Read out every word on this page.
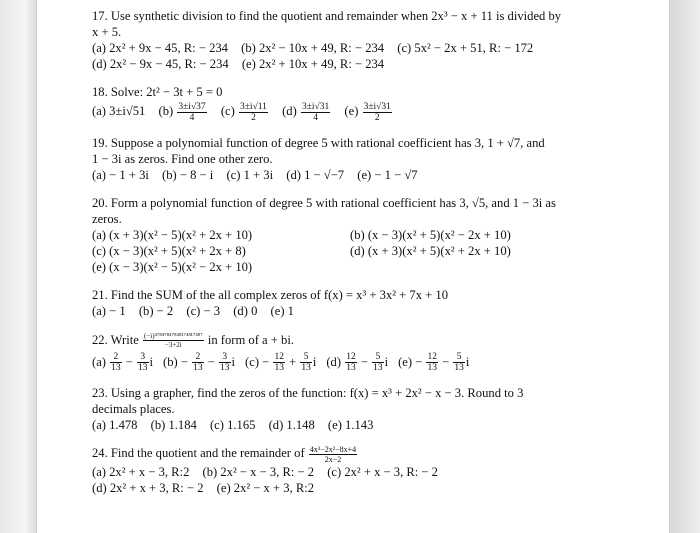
17. Use synthetic division to find the quotient and remainder when 2x³ − x + 11 is divided by
x + 5.
(a) 2x² + 9x − 45, R: − 234 (b) 2x² − 10x + 49, R: − 234 (c) 5x² − 2x + 51, R: − 172
(d) 2x² − 9x − 45, R: − 234 (e) 2x² + 10x + 49, R: − 234
18. Solve: 2t² − 3t + 5 = 0
(a) 3±i√51 $(b) \frac{3\pm i√37}{4} (c) \frac{3\pm i√11}{2} (d) \frac{3\pm i√31}{4} (e) \frac{3\pm i√31}{2}$
19. Suppose a polynomial function of degree 5 with rational coefficient has 3, 1 + √7, and
1 − 3i as zeros. Find one other zero.
(a) − 1 + 3i (b) − 8 − i (c) 1 + 3i (d) 1 − √−7 (e) − 1 − √7
20. Form a polynomial function of degree 5 with rational coefficient has 3, √5, and 1 − 3i as
zeros.
(a) (x + 3)(x² − 5)(x² + 2x + 10)
(c) (x − 3)(x² + 5)(x² + 2x + 8)
(e) (x − 3)(x² − 5)(x² − 2x + 10)
(b) (x − 3)(x² + 5)(x² − 2x + 10)
(d) (x + 3)(x² + 5)(x² + 2x + 10)
21. Find the SUM of the all complex zeros of f(x) = x³ + 3x² + 7x + 10
(a) − 1 (b) − 2 (c) − 3 (d) 0 (e) 1
22. Write $\frac{\text{(−i)⁴⁷⁸⁴⁷⁸⁴⁷⁸⁴⁸¹⁷⁴⁸¹⁷⁴⁸⁷}}{-3+2i}$ in form of a + bi.
$(a) \frac{2}{13} - \frac{3}{13}$ i $(b) - \frac{2}{13} - \frac{3}{13}$ i $(c) - \frac{12}{13} + \frac{5}{13}$ i $(d) \frac{12}{13} - \frac{5}{13}$ i $(e) - \frac{12}{13} - \frac{5}{13}$ i
23. Using a grapher, find the zeros of the function: f(x) = x³ + 2x² − x − 3. Round to 3
decimals places.
(a) 1.478 (b) 1.184 (c) 1.165 (d) 1.148 (e) 1.143
24. Find the quotient and the remainder of $\frac{\text{4x³−2x²−8x+4}}{2x-2}$
(a) 2x² + x − 3, R:2 (b) 2x² − x − 3, R: − 2 (c) 2x² + x − 3, R: − 2
(d) 2x² + x + 3, R: − 2 (e) 2x² − x + 3, R:2
